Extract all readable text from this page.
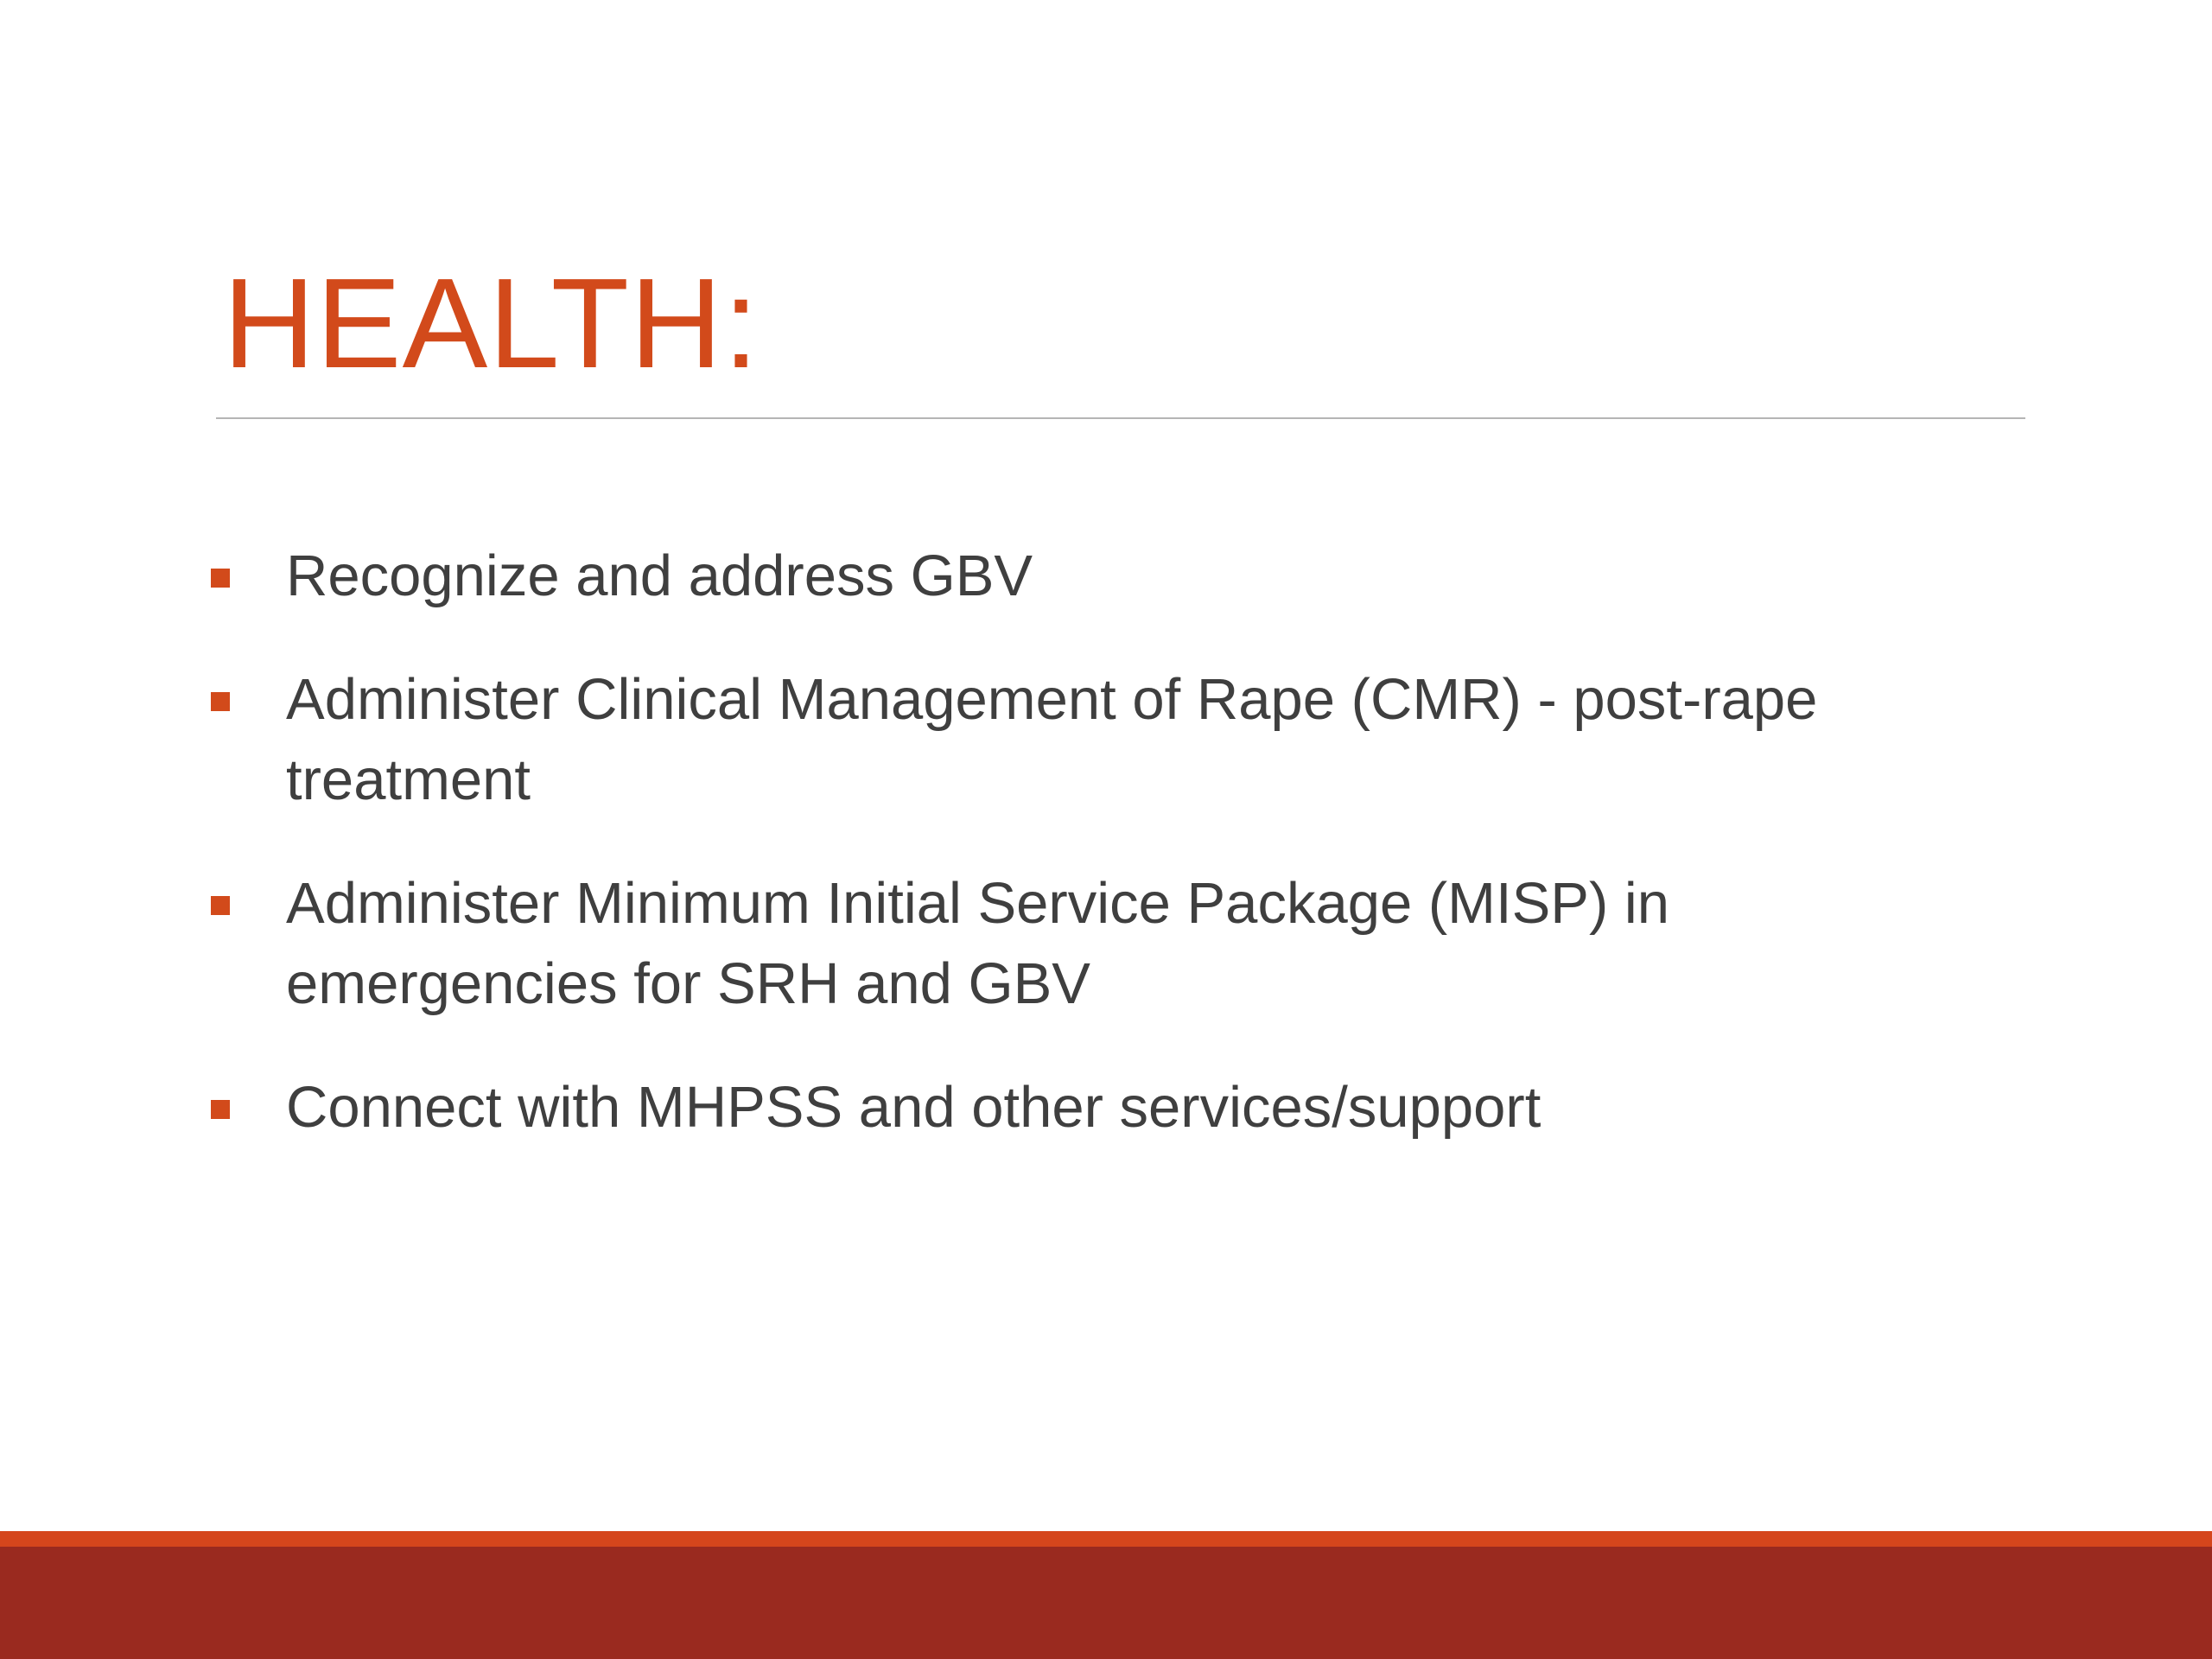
HEALTH:
Recognize and address GBV
Administer Clinical Management of Rape (CMR) - post-rape treatment
Administer Minimum Initial Service Package (MISP) in emergencies for SRH and GBV
Connect with MHPSS and other services/support
